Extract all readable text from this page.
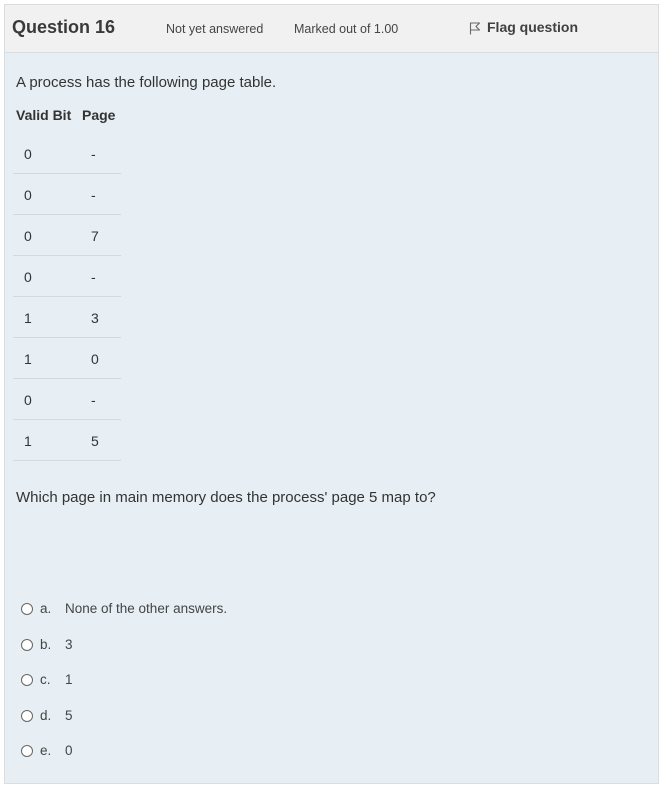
Question 16	Not yet answered Marked out of 1.00	Flag question
A process has the following page table.
Valid Bit Page
0	-
0	-
0	7
0	-
1	3
1	0
0	-
1	5
Which page in main memory does the process' page 5 map to?
a.	None of the other answers.
b.	3
c.	1
d.	5
e.	0
